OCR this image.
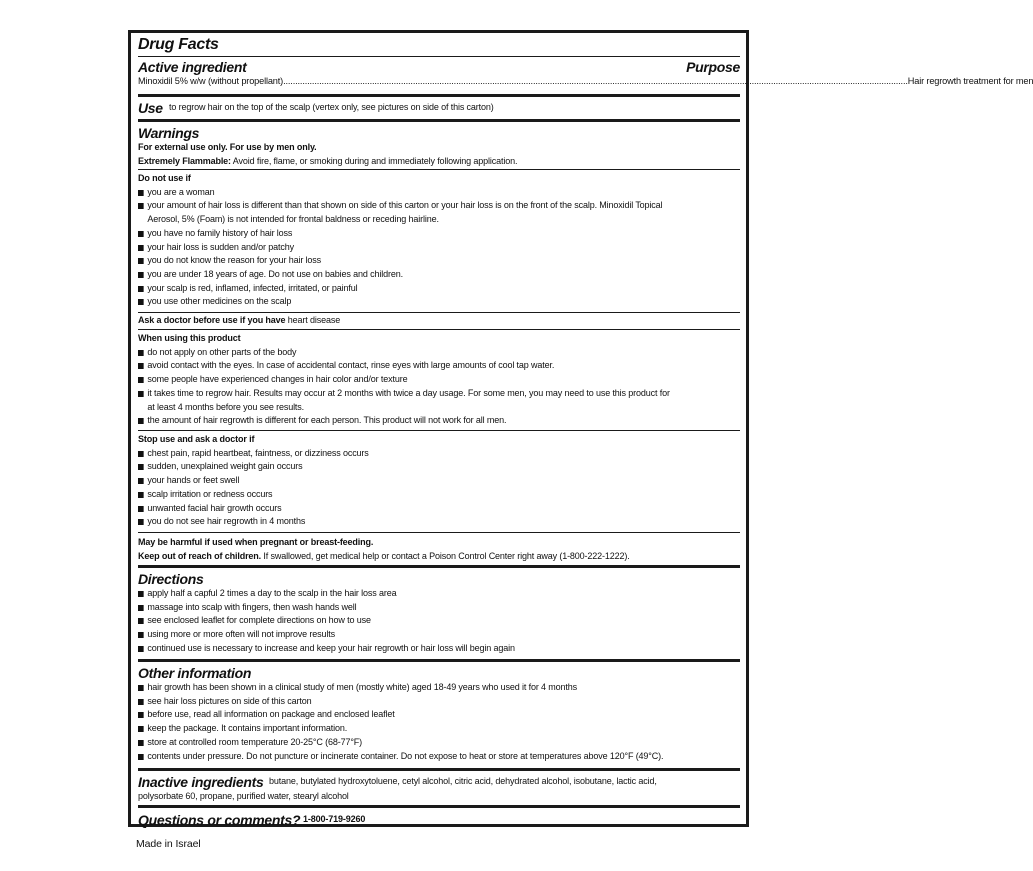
Drug Facts
Active ingredient	Purpose
Minoxidil 5% w/w (without propellant) .................................................................................................................................................................................................................................................................... Hair regrowth treatment for men
Use to regrow hair on the top of the scalp (vertex only, see pictures on side of this carton)
Warnings
For external use only. For use by men only.
Extremely Flammable: Avoid fire, flame, or smoking during and immediately following application.
Do not use if
you are a woman
your amount of hair loss is different than that shown on side of this carton or your hair loss is on the front of the scalp. Minoxidil Topical
Aerosol, 5% (Foam) is not intended for frontal baldness or receding hairline.
you have no family history of hair loss
your hair loss is sudden and/or patchy
you do not know the reason for your hair loss
you are under 18 years of age. Do not use on babies and children.
your scalp is red, inflamed, infected, irritated, or painful
you use other medicines on the scalp
Ask a doctor before use if you have heart disease
When using this product
do not apply on other parts of the body
avoid contact with the eyes. In case of accidental contact, rinse eyes with large amounts of cool tap water.
some people have experienced changes in hair color and/or texture
it takes time to regrow hair. Results may occur at 2 months with twice a day usage. For some men, you may need to use this product for
at least 4 months before you see results.
the amount of hair regrowth is different for each person. This product will not work for all men.
Stop use and ask a doctor if
chest pain, rapid heartbeat, faintness, or dizziness occurs
sudden, unexplained weight gain occurs
your hands or feet swell
scalp irritation or redness occurs
unwanted facial hair growth occurs
you do not see hair regrowth in 4 months
May be harmful if used when pregnant or breast-feeding.
Keep out of reach of children. If swallowed, get medical help or contact a Poison Control Center right away (1-800-222-1222).
Directions
apply half a capful 2 times a day to the scalp in the hair loss area
massage into scalp with fingers, then wash hands well
see enclosed leaflet for complete directions on how to use
using more or more often will not improve results
continued use is necessary to increase and keep your hair regrowth or hair loss will begin again
Other information
hair growth has been shown in a clinical study of men (mostly white) aged 18-49 years who used it for 4 months
see hair loss pictures on side of this carton
before use, read all information on package and enclosed leaflet
keep the package. It contains important information.
store at controlled room temperature 20-25°C (68-77°F)
contents under pressure. Do not puncture or incinerate container. Do not expose to heat or store at temperatures above 120°F (49°C).
Inactive ingredients butane, butylated hydroxytoluene, cetyl alcohol, citric acid, dehydrated alcohol, isobutane, lactic acid,
polysorbate 60, propane, purified water, stearyl alcohol
Questions or comments? 1-800-719-9260
Made in Israel
